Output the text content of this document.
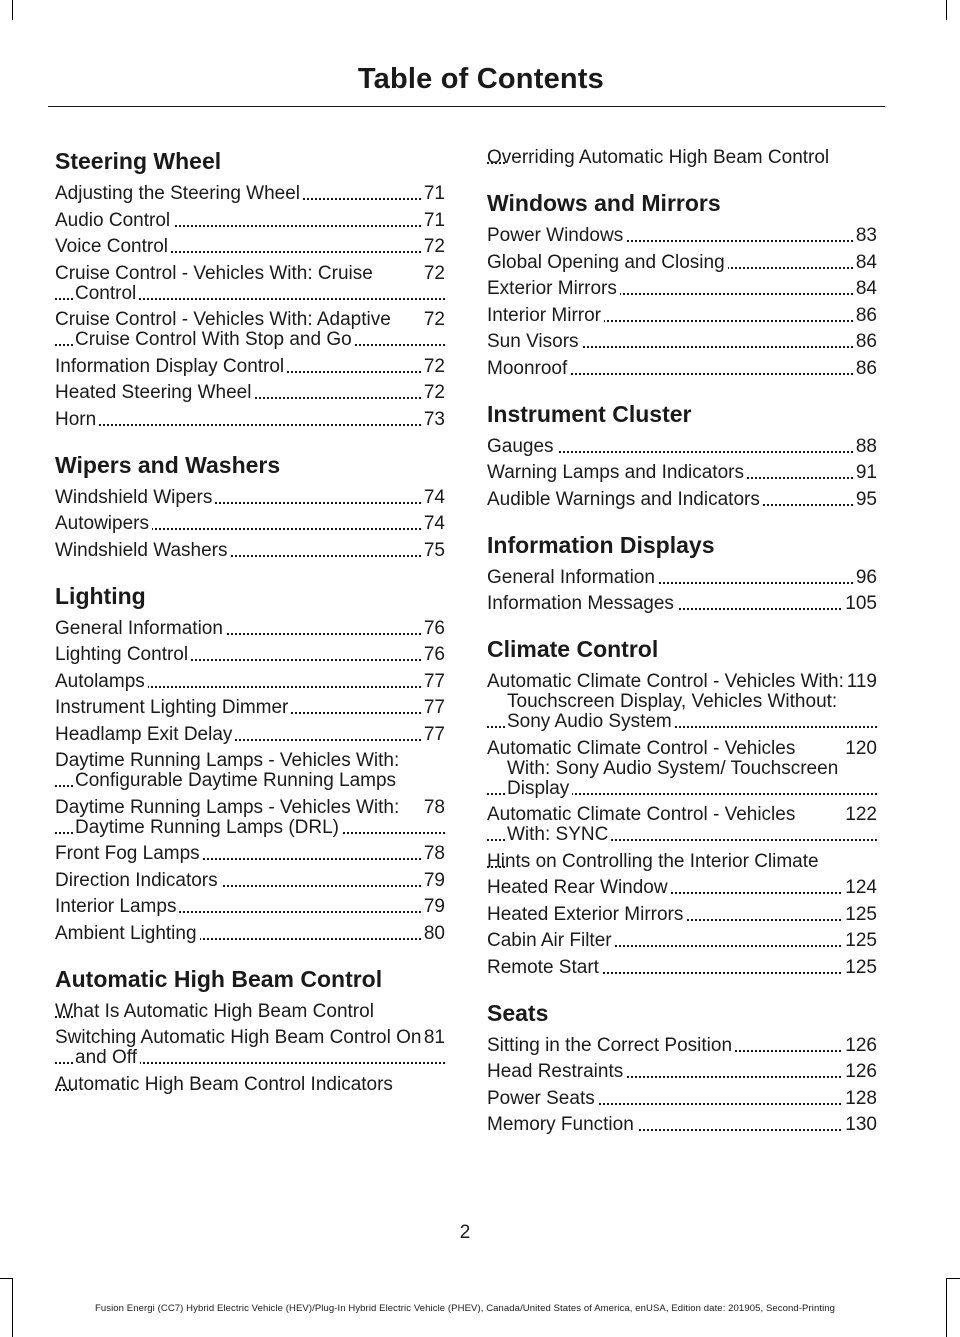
Table of Contents
Steering Wheel
71
Adjusting the Steering Wheel
71
Audio Control
72
Voice Control
72
Cruise Control - Vehicles With: Cruise Control
72
Cruise Control - Vehicles With: Adaptive Cruise Control With Stop and Go
72
Information Display Control
72
Heated Steering Wheel
73
Horn
Wipers and Washers
74
Windshield Wipers
74
Autowipers
75
Windshield Washers
Lighting
76
General Information
76
Lighting Control
77
Autolamps
77
Instrument Lighting Dimmer
77
Headlamp Exit Delay
Daytime Running Lamps - Vehicles With: Configurable Daytime Running Lamps
78
Daytime Running Lamps - Vehicles With: Daytime Running Lamps (DRL)
78
Front Fog Lamps
79
Direction Indicators
79
Interior Lamps
80
Ambient Lighting
Automatic High Beam Control
What Is Automatic High Beam Control
81
Switching Automatic High Beam Control On and Off
Automatic High Beam Control Indicators
Overriding Automatic High Beam Control
Windows and Mirrors
83
Power Windows
84
Global Opening and Closing
84
Exterior Mirrors
86
Interior Mirror
86
Sun Visors
86
Moonroof
Instrument Cluster
88
Gauges
91
Warning Lamps and Indicators
95
Audible Warnings and Indicators
Information Displays
96
General Information
105
Information Messages
Climate Control
119
Automatic Climate Control - Vehicles With: Touchscreen Display, Vehicles Without: Sony Audio System
120
Automatic Climate Control - Vehicles With: Sony Audio System/ Touchscreen Display
122
Automatic Climate Control - Vehicles With: SYNC
Hints on Controlling the Interior Climate
124
Heated Rear Window
125
Heated Exterior Mirrors
125
Cabin Air Filter
125
Remote Start
Seats
126
Sitting in the Correct Position
126
Head Restraints
128
Power Seats
130
Memory Function
2
Fusion Energi (CC7) Hybrid Electric Vehicle (HEV)/Plug-In Hybrid Electric Vehicle (PHEV), Canada/United States of America, enUSA, Edition date: 201905, Second-Printing
